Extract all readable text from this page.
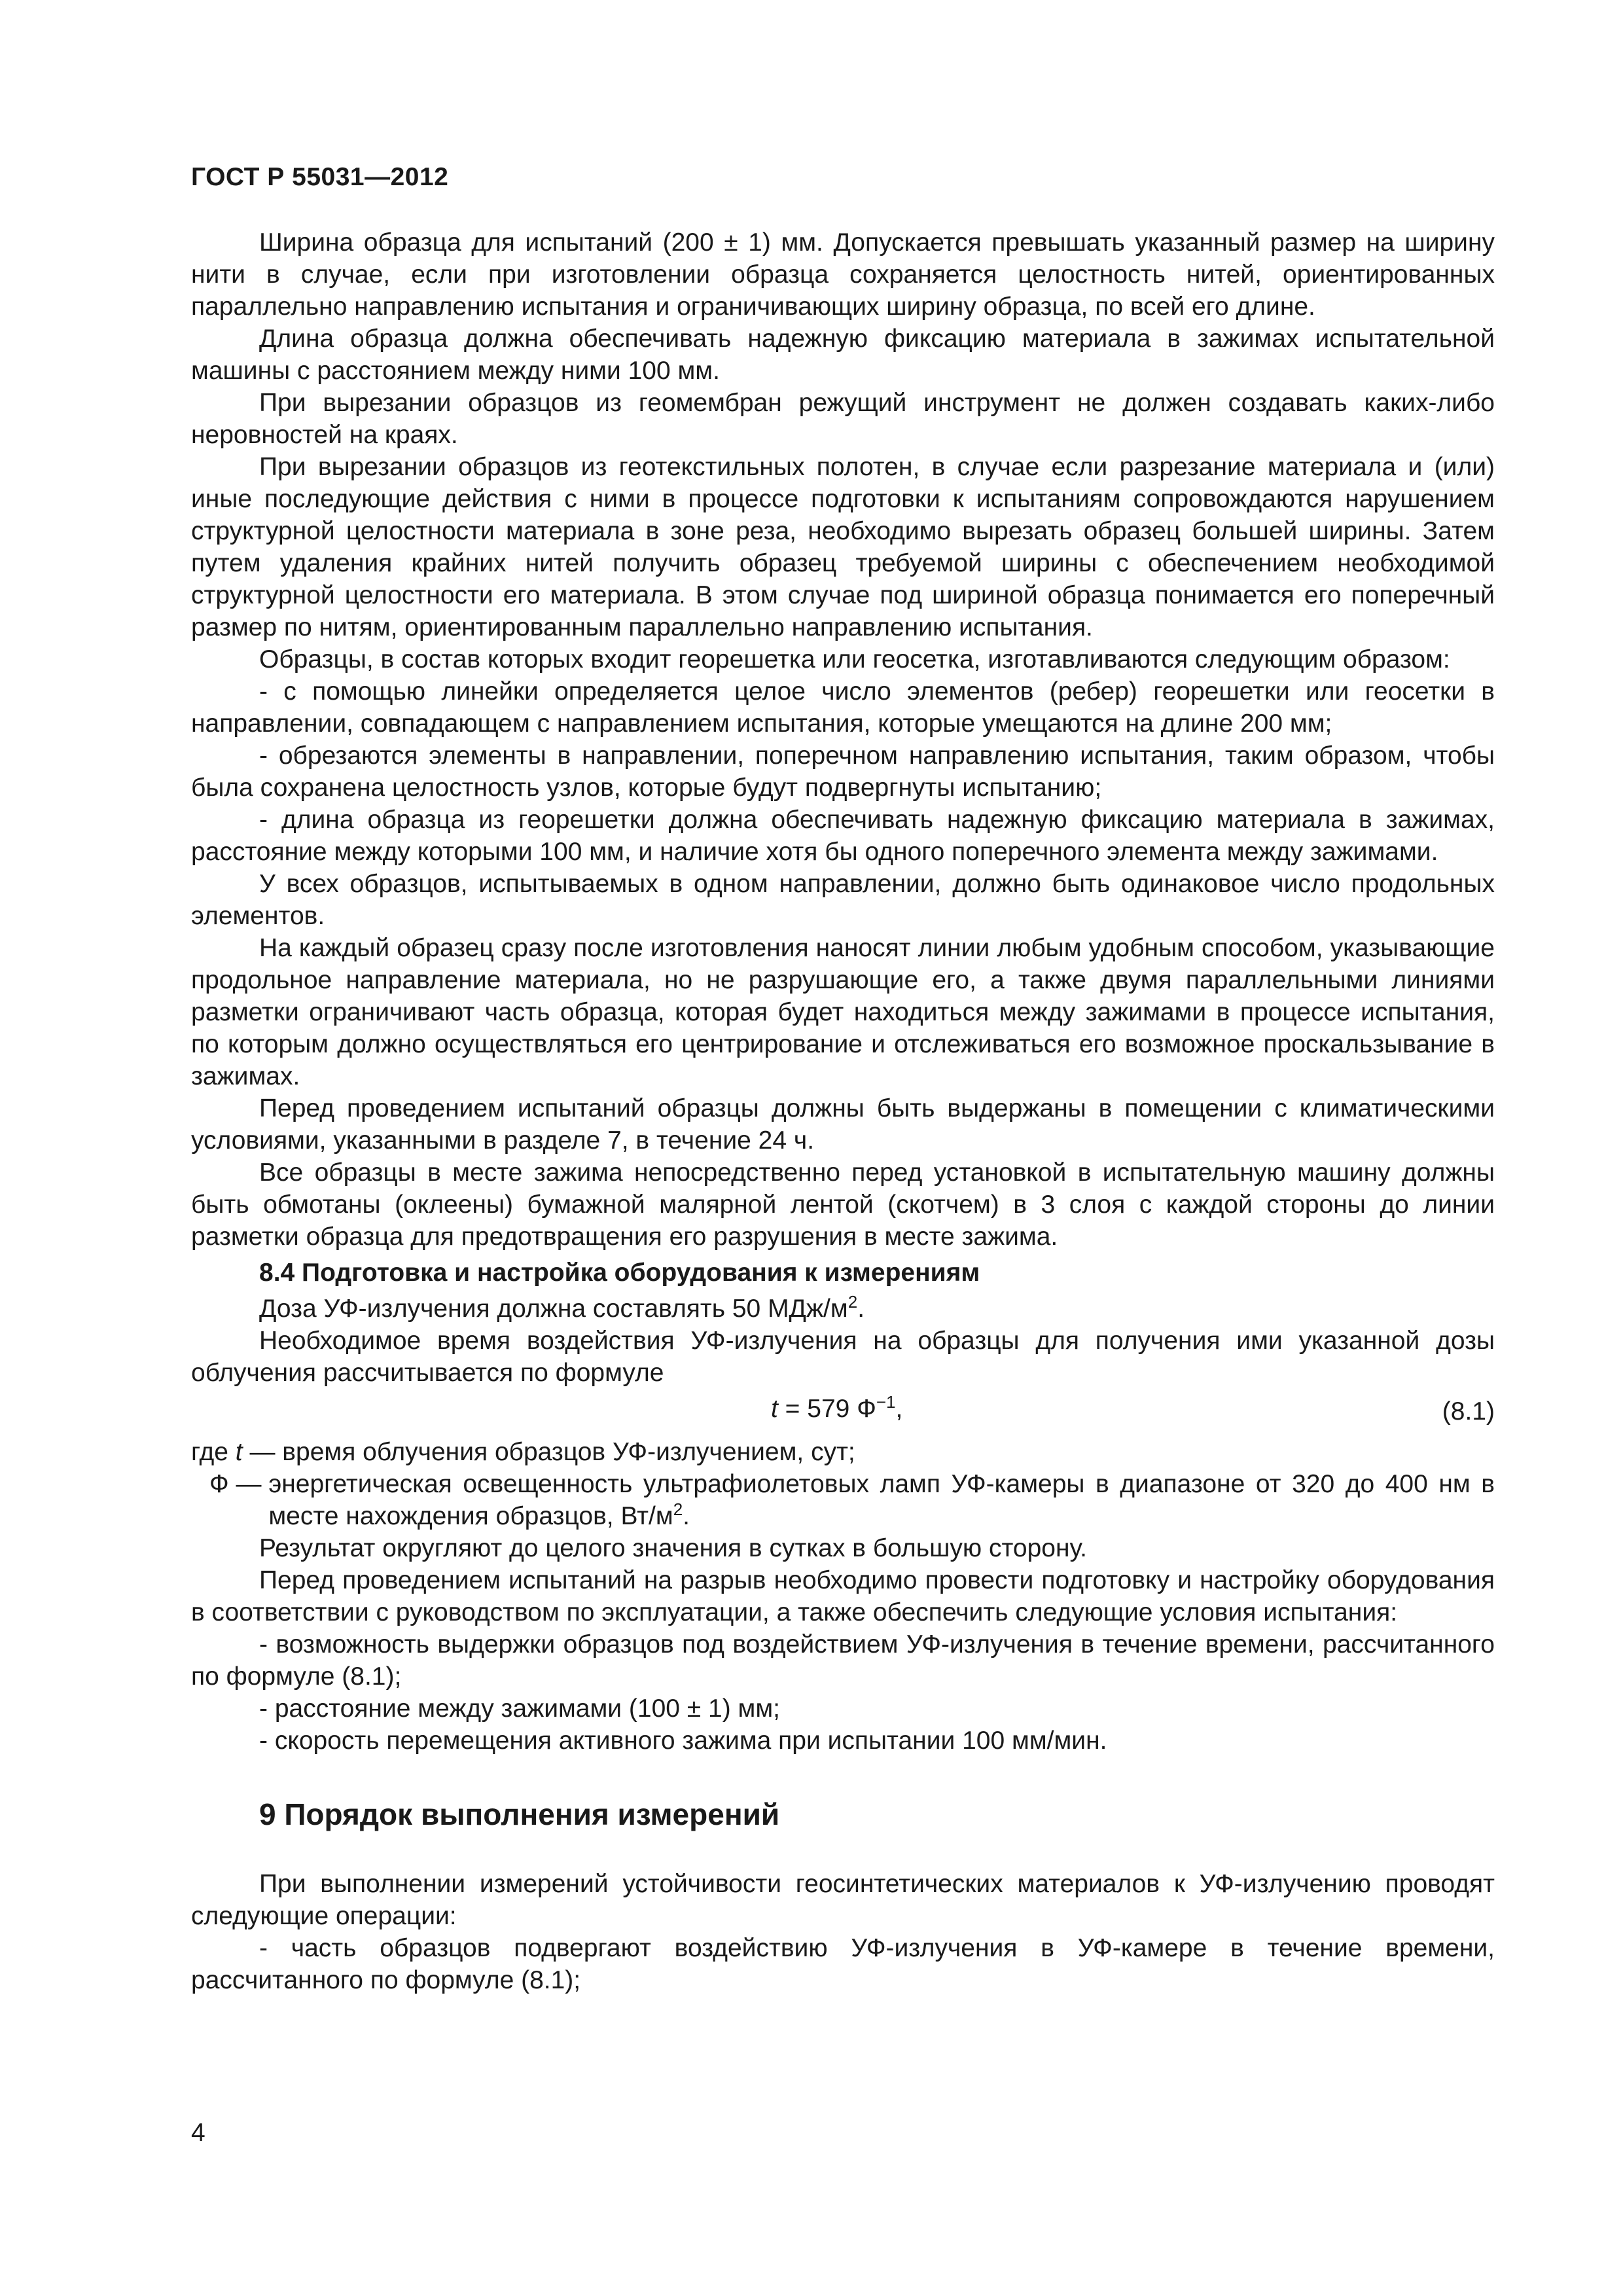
ГОСТ Р 55031—2012

Ширина образца для испытаний (200 ± 1) мм. Допускается превышать указанный размер на ширину нити в случае, если при изготовлении образца сохраняется целостность нитей, ориентированных параллельно направлению испытания и ограничивающих ширину образца, по всей его длине.

Длина образца должна обеспечивать надежную фиксацию материала в зажимах испытательной машины с расстоянием между ними 100 мм.

При вырезании образцов из геомембран режущий инструмент не должен создавать каких-либо неровностей на краях.

При вырезании образцов из геотекстильных полотен, в случае если разрезание материала и (или) иные последующие действия с ними в процессе подготовки к испытаниям сопровождаются нарушением структурной целостности материала в зоне реза, необходимо вырезать образец большей ширины. Затем путем удаления крайних нитей получить образец требуемой ширины с обеспечением необходимой структурной целостности его материала. В этом случае под шириной образца понимается его поперечный размер по нитям, ориентированным параллельно направлению испытания.

Образцы, в состав которых входит георешетка или геосетка, изготавливаются следующим образом:

- с помощью линейки определяется целое число элементов (ребер) георешетки или геосетки в направлении, совпадающем с направлением испытания, которые умещаются на длине 200 мм;

- обрезаются элементы в направлении, поперечном направлению испытания, таким образом, чтобы была сохранена целостность узлов, которые будут подвергнуты испытанию;

- длина образца из георешетки должна обеспечивать надежную фиксацию материала в зажимах, расстояние между которыми 100 мм, и наличие хотя бы одного поперечного элемента между зажимами.

У всех образцов, испытываемых в одном направлении, должно быть одинаковое число продольных элементов.

На каждый образец сразу после изготовления наносят линии любым удобным способом, указывающие продольное направление материала, но не разрушающие его, а также двумя параллельными линиями разметки ограничивают часть образца, которая будет находиться между зажимами в процессе испытания, по которым должно осуществляться его центрирование и отслеживаться его возможное проскальзывание в зажимах.

Перед проведением испытаний образцы должны быть выдержаны в помещении с климатическими условиями, указанными в разделе 7, в течение 24 ч.

Все образцы в месте зажима непосредственно перед установкой в испытательную машину должны быть обмотаны (оклеены) бумажной малярной лентой (скотчем) в 3 слоя с каждой стороны до линии разметки образца для предотвращения его разрушения в месте зажима.

8.4 Подготовка и настройка оборудования к измерениям

Доза УФ-излучения должна составлять 50 МДж/$м^2$.

Необходимое время воздействия УФ-излучения на образцы для получения ими указанной дозы облучения рассчитывается по формуле

t = 579 $Ф^{-1}$,	(8.1)
где t — время облучения образцов УФ-излучением, сут;
Ф — энергетическая освещенность ультрафиолетовых ламп УФ-камеры в диапазоне от 320 до 400 нм в месте нахождения образцов, $Вт/м^2$.

Результат округляют до целого значения в сутках в большую сторону.

Перед проведением испытаний на разрыв необходимо провести подготовку и настройку оборудования в соответствии с руководством по эксплуатации, а также обеспечить следующие условия испытания:

- возможность выдержки образцов под воздействием УФ-излучения в течение времени, рассчитанного по формуле (8.1);

- расстояние между зажимами (100 ± 1) мм;

- скорость перемещения активного зажима при испытании 100 мм/мин.

9 Порядок выполнения измерений

При выполнении измерений устойчивости геосинтетических материалов к УФ-излучению проводят следующие операции:

- часть образцов подвергают воздействию УФ-излучения в УФ-камере в течение времени, рассчитанного по формуле (8.1);

4
